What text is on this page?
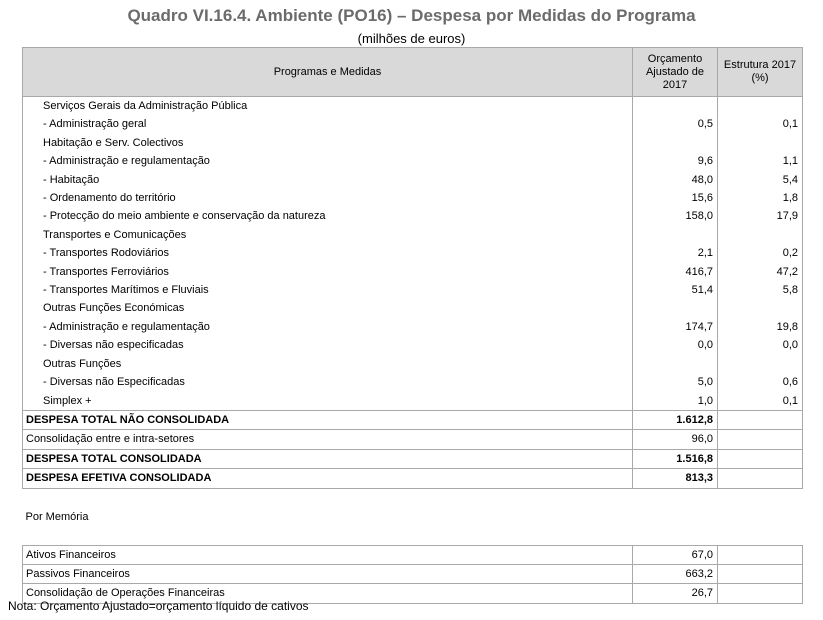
Quadro VI.16.4. Ambiente (PO16) – Despesa por Medidas do Programa
(milhões de euros)
Programas e Medidas	Orçamento Ajustado de 2017	Estrutura 2017 (%)
Serviços Gerais da Administração Pública		
- Administração geral	0,5	0,1
Habitação e Serv. Colectivos		
- Administração e regulamentação	9,6	1,1
- Habitação	48,0	5,4
- Ordenamento do território	15,6	1,8
- Protecção do meio ambiente e conservação da natureza	158,0	17,9
Transportes e Comunicações		
- Transportes Rodoviários	2,1	0,2
- Transportes Ferroviários	416,7	47,2
- Transportes Marítimos e Fluviais	51,4	5,8
Outras Funções Económicas		
- Administração e regulamentação	174,7	19,8
- Diversas não especificadas	0,0	0,0
Outras Funções		
- Diversas não Especificadas	5,0	0,6
Simplex +	1,0	0,1
DESPESA TOTAL NÃO CONSOLIDADA	1.612,8	
Consolidação entre e intra-setores	96,0	
DESPESA TOTAL CONSOLIDADA	1.516,8	
DESPESA EFETIVA CONSOLIDADA	813,3	

Por Memória		

Ativos Financeiros	67,0	
Passivos Financeiros	663,2	
Consolidação de Operações Financeiras	26,7	
Nota: Orçamento Ajustado=orçamento líquido de cativos
